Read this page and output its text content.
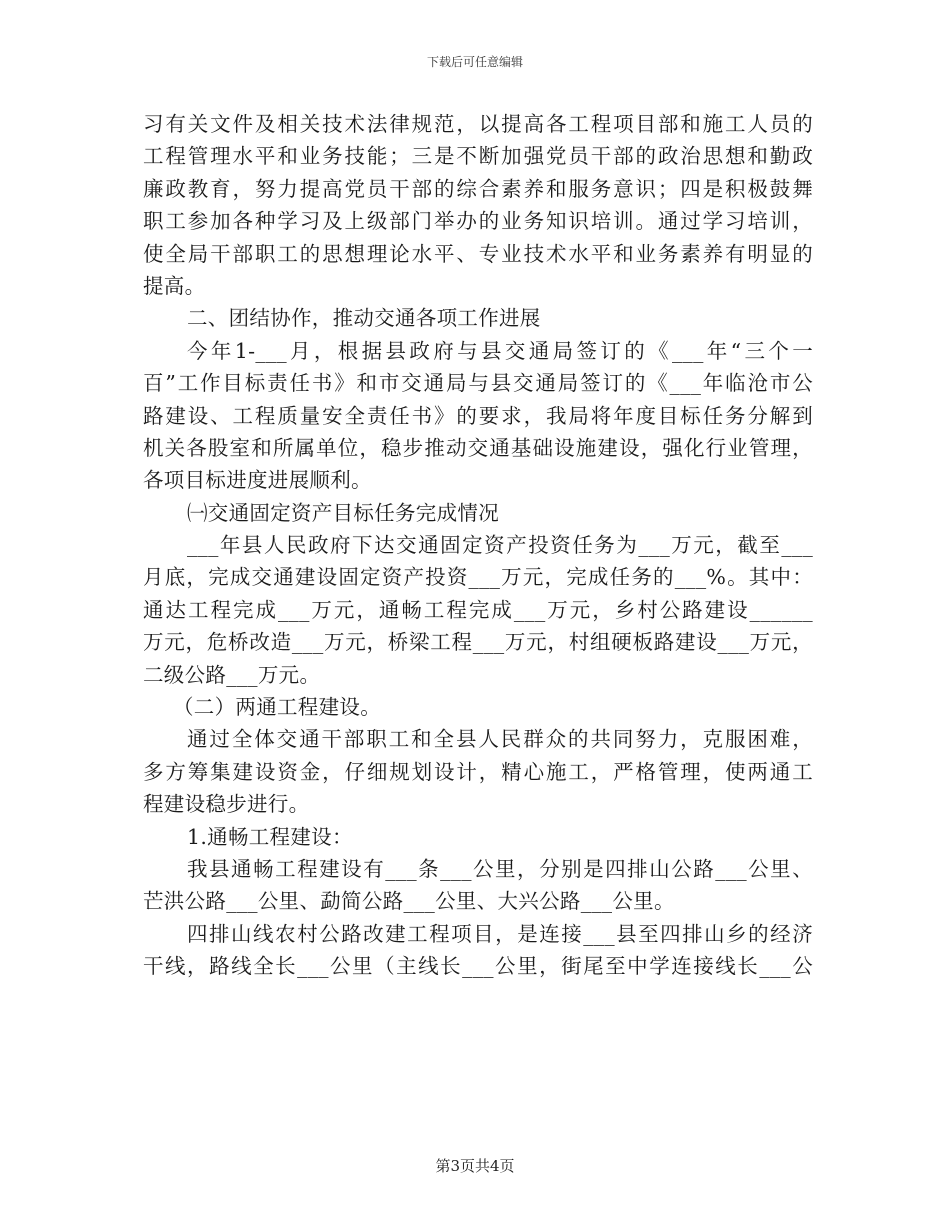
下载后可任意编辑
习有关文件及相关技术法律规范，以提高各工程项目部和施工人员的
工程管理水平和业务技能；三是不断加强党员干部的政治思想和勤政
廉政教育，努力提高党员干部的综合素养和服务意识；四是积极鼓舞
职工参加各种学习及上级部门举办的业务知识培训。通过学习培训，
使全局干部职工的思想理论水平、专业技术水平和业务素养有明显的
提高。
二、团结协作，推动交通各项工作进展
今年1-___月，根据县政府与县交通局签订的《___年“三个一
百”工作目标责任书》和市交通局与县交通局签订的《___年临沧市公
路建设、工程质量安全责任书》的要求，我局将年度目标任务分解到
机关各股室和所属单位，稳步推动交通基础设施建设，强化行业管理，
各项目标进度进展顺利。
㈠交通固定资产目标任务完成情况
___年县人民政府下达交通固定资产投资任务为___万元，截至___
月底，完成交通建设固定资产投资___万元，完成任务的___%。其中：
通达工程完成___万元，通畅工程完成___万元，乡村公路建设______
万元，危桥改造___万元，桥梁工程___万元，村组硬板路建设___万元，
二级公路___万元。
（二）两通工程建设。
通过全体交通干部职工和全县人民群众的共同努力，克服困难，
多方筹集建设资金，仔细规划设计，精心施工，严格管理，使两通工
程建设稳步进行。
1.通畅工程建设：
我县通畅工程建设有___条___公里，分别是四排山公路___公里、
芒洪公路___公里、勐简公路___公里、大兴公路___公里。
四排山线农村公路改建工程项目，是连接___县至四排山乡的经济
干线，路线全长___公里（主线长___公里，街尾至中学连接线长___公
第3页共4页
